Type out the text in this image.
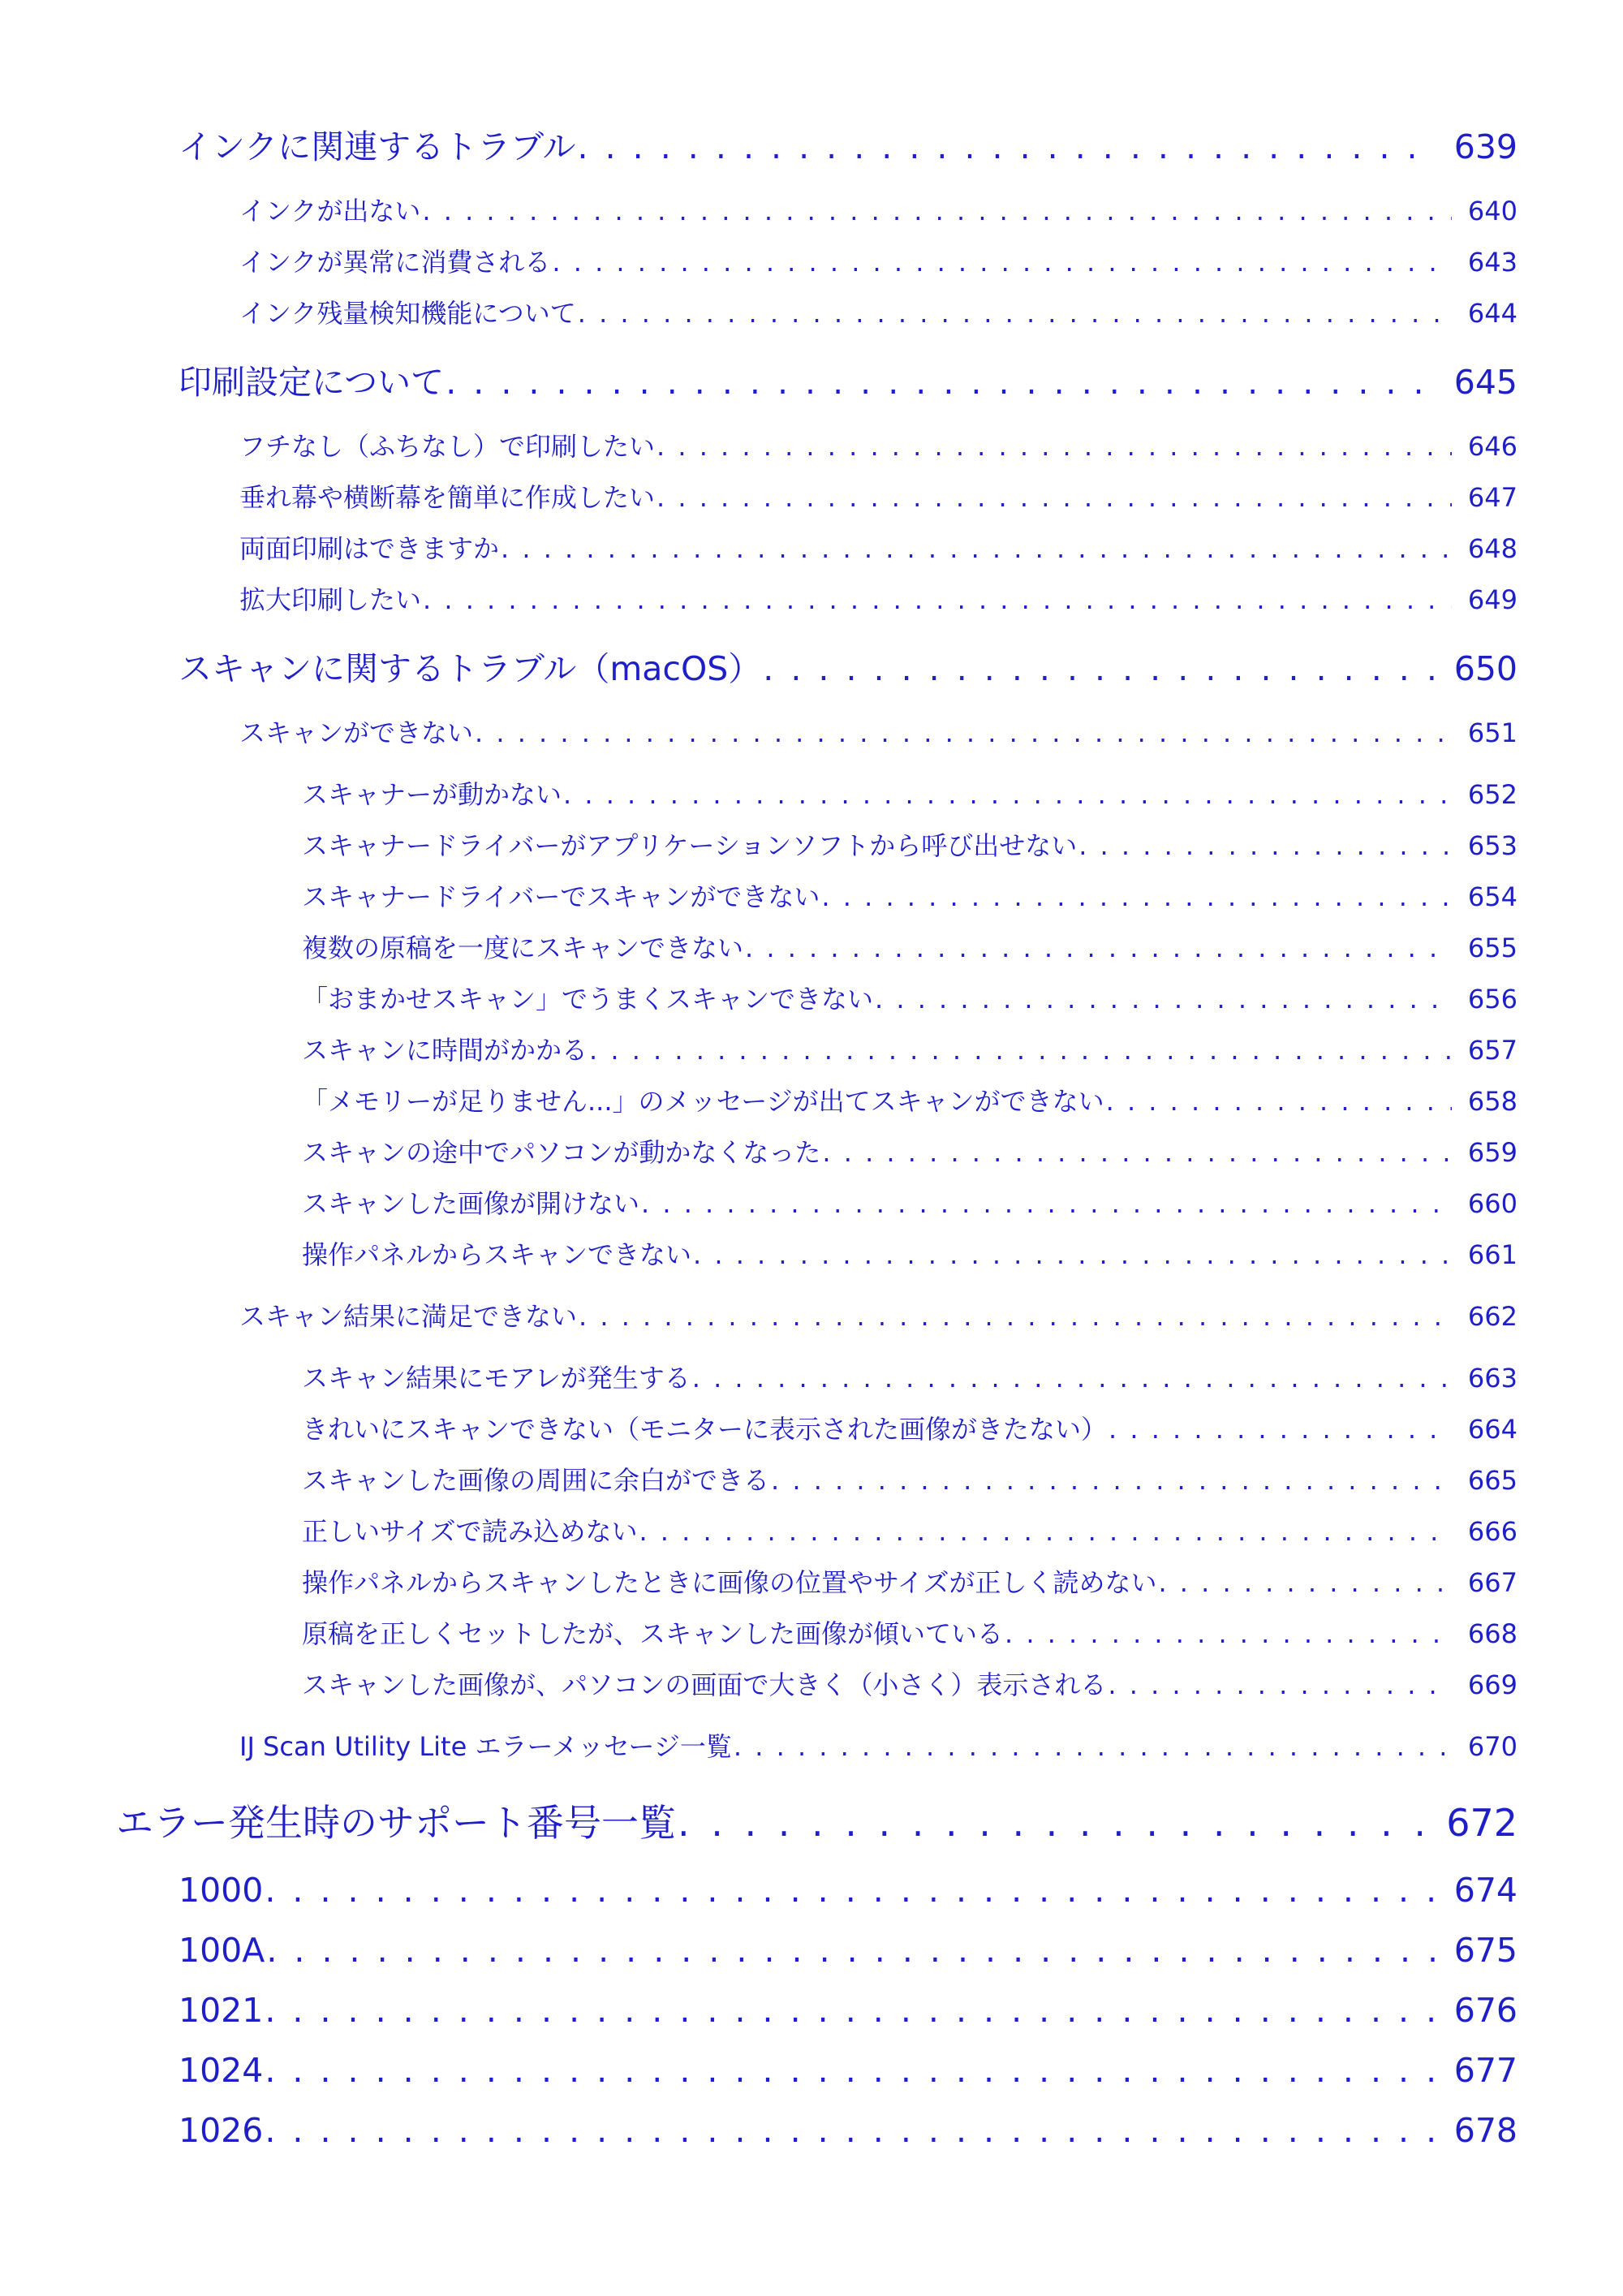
インクに関連するトラブル . . .	639
インクが出ない . . .	640
インクが異常に消費される . . .	643
インク残量検知機能について . . .	644
印刷設定について . . .	645
フチなし（ふちなし）で印刷したい . . .	646
垂れ幕や横断幕を簡単に作成したい . . .	647
両面印刷はできますか . . .	648
拡大印刷したい . . .	649
スキャンに関するトラブル（macOS） . . .	650
スキャンができない . . .	651
スキャナーが動かない . . .	652
スキャナードライバーがアプリケーションソフトから呼び出せない . . .	653
スキャナードライバーでスキャンができない . . .	654
複数の原稿を一度にスキャンできない . . .	655
「おまかせスキャン」でうまくスキャンできない . . .	656
スキャンに時間がかかる . . .	657
「メモリーが足りません...」のメッセージが出てスキャンができない . . .	658
スキャンの途中でパソコンが動かなくなった . . .	659
スキャンした画像が開けない . . .	660
操作パネルからスキャンできない . . .	661
スキャン結果に満足できない . . .	662
スキャン結果にモアレが発生する . . .	663
きれいにスキャンできない（モニターに表示された画像がきたない） . . .	664
スキャンした画像の周囲に余白ができる . . .	665
正しいサイズで読み込めない . . .	666
操作パネルからスキャンしたときに画像の位置やサイズが正しく読めない . . .	667
原稿を正しくセットしたが、スキャンした画像が傾いている . . .	668
スキャンした画像が、パソコンの画面で大きく（小さく）表示される . . .	669
IJ Scan Utility Lite エラーメッセージ一覧 . . .	670
エラー発生時のサポート番号一覧 . . .	672
1000 . . .	674
100A . . .	675
1021 . . .	676
1024 . . .	677
1026 . . .	678
